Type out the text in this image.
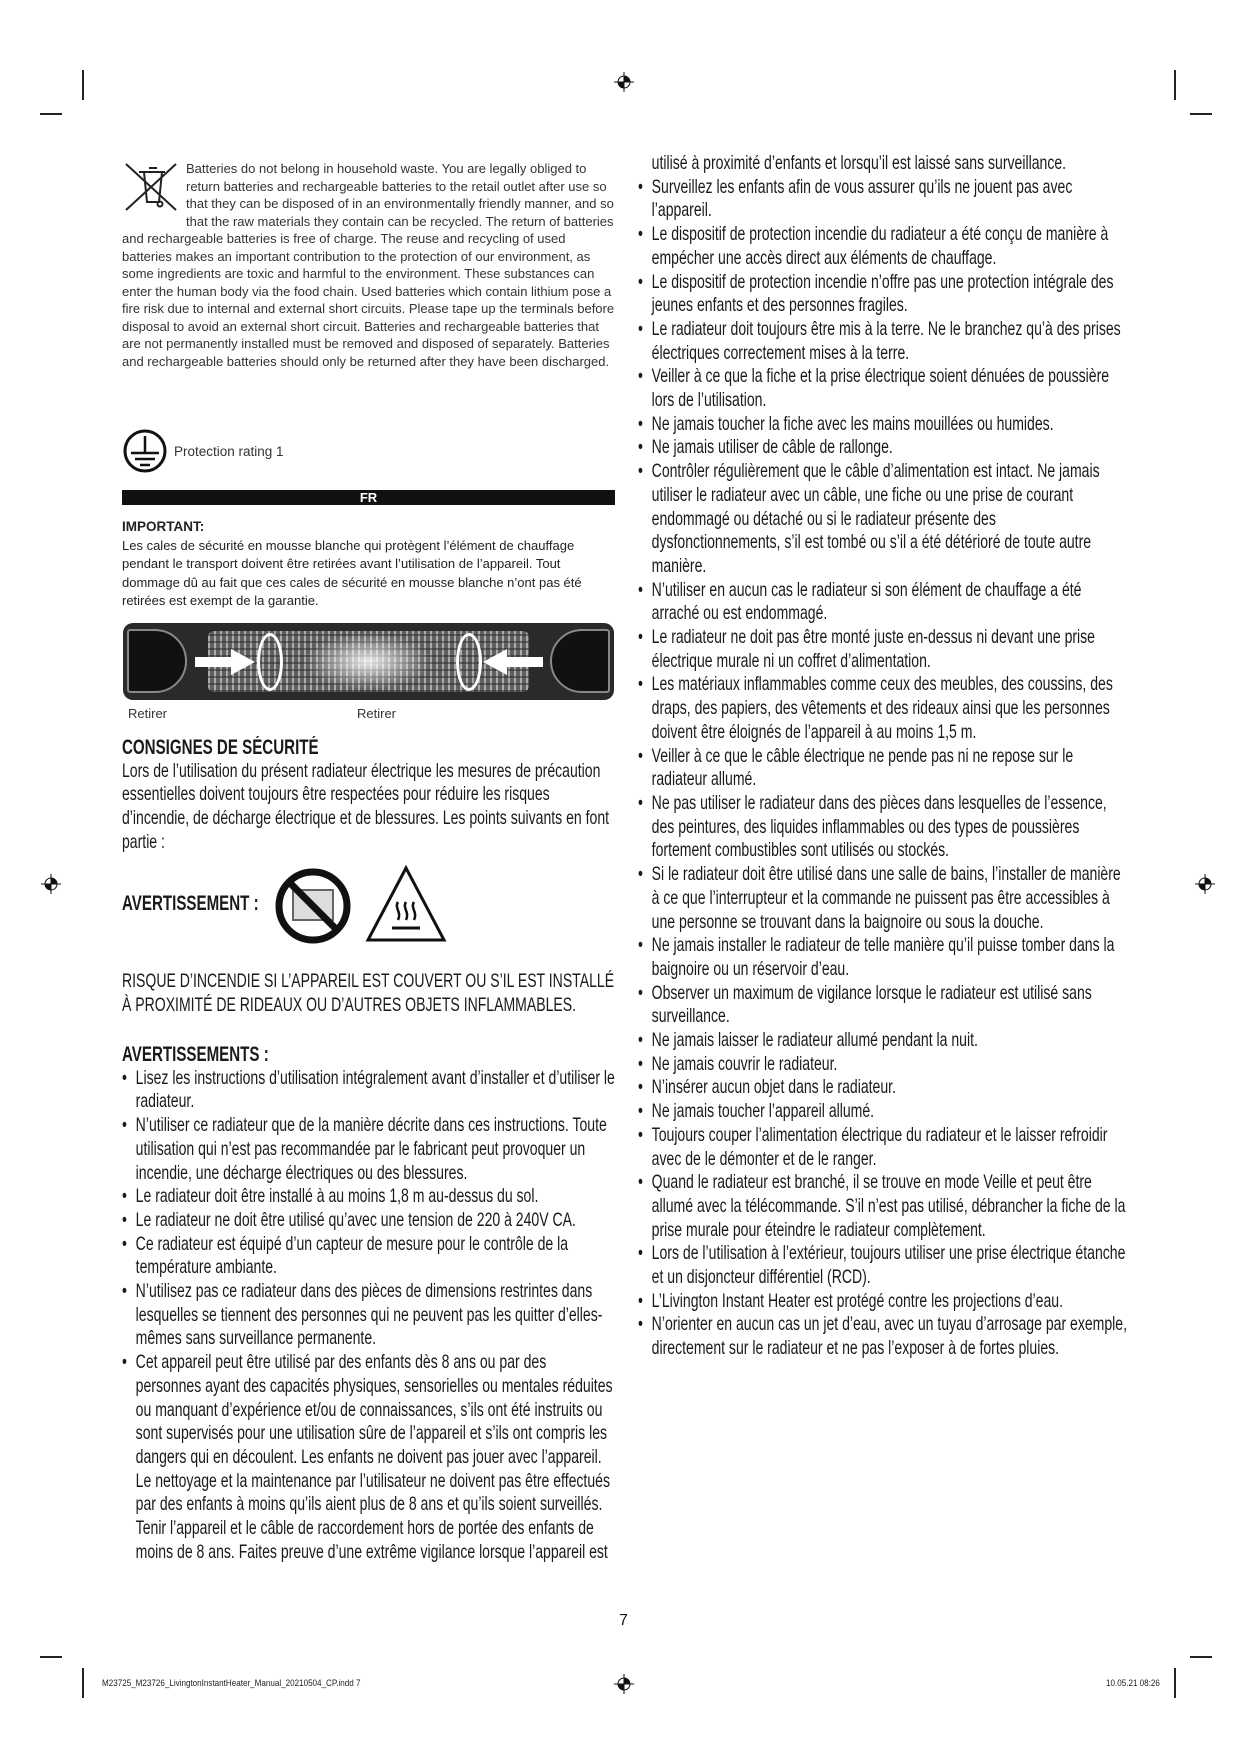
Batteries do not belong in household waste. You are legally obliged to return batteries and rechargeable batteries to the retail outlet after use so that they can be disposed of in an environmentally friendly manner, and so that the raw materials they contain can be recycled. The return of batteries and rechargeable batteries is free of charge. The reuse and recycling of used batteries makes an important contribution to the protection of our environment, as some ingredients are toxic and harmful to the environment. These substances can enter the human body via the food chain. Used batteries which contain lithium pose a fire risk due to internal and external short circuits. Please tape up the terminals before disposal to avoid an external short circuit. Batteries and rechargeable batteries that are not permanently installed must be removed and disposed of separately. Batteries and rechargeable batteries should only be returned after they have been discharged.
Protection rating 1
FR
IMPORTANT:
Les cales de sécurité en mousse blanche qui protègent l’élément de chauffage pendant le transport doivent être retirées avant l’utilisation de l’appareil. Tout dommage dû au fait que ces cales de sécurité en mousse blanche n’ont pas été retirées est exempt de la garantie.
Retirer	Retirer
CONSIGNES DE SÉCURITÉ
Lors de l’utilisation du présent radiateur électrique les mesures de précaution essentielles doivent toujours être respectées pour réduire les risques d’incendie, de décharge électrique et de blessures. Les points suivants en font partie :
AVERTISSEMENT :
RISQUE D’INCENDIE SI L’APPAREIL EST COUVERT OU S’IL EST INSTALLÉ À PROXIMITÉ DE RIDEAUX OU D’AUTRES OBJETS INFLAMMABLES.
AVERTISSEMENTS :
• Lisez les instructions d’utilisation intégralement avant d’installer et d’utiliser le radiateur.
• N’utiliser ce radiateur que de la manière décrite dans ces instructions. Toute utilisation qui n’est pas recommandée par le fabricant peut provoquer un incendie, une décharge électriques ou des blessures.
• Le radiateur doit être installé à au moins 1,8 m au-dessus du sol.
• Le radiateur ne doit être utilisé qu’avec une tension de 220 à 240V CA.
• Ce radiateur est équipé d’un capteur de mesure pour le contrôle de la température ambiante.
• N’utilisez pas ce radiateur dans des pièces de dimensions restrintes dans lesquelles se tiennent des personnes qui ne peuvent pas les quitter d’elles-mêmes sans surveillance permanente.
• Cet appareil peut être utilisé par des enfants dès 8 ans ou par des personnes ayant des capacités physiques, sensorielles ou mentales réduites ou manquant d’expérience et/ou de connaissances, s’ils ont été instruits ou sont supervisés pour une utilisation sûre de l’appareil et s’ils ont compris les dangers qui en découlent. Les enfants ne doivent pas jouer avec l’appareil. Le nettoyage et la maintenance par l’utilisateur ne doivent pas être effectués par des enfants à moins qu’ils aient plus de 8 ans et qu’ils soient surveillés. Tenir l’appareil et le câble de raccordement hors de portée des enfants de moins de 8 ans. Faites preuve d’une extrême vigilance lorsque l’appareil est
utilisé à proximité d’enfants et lorsqu’il est laissé sans surveillance.
• Surveillez les enfants afin de vous assurer qu’ils ne jouent pas avec l’appareil.
• Le dispositif de protection incendie du radiateur a été conçu de manière à empécher une accès direct aux éléments de chauffage.
• Le dispositif de protection incendie n’offre pas une protection intégrale des jeunes enfants et des personnes fragiles.
• Le radiateur doit toujours être mis à la terre. Ne le branchez qu’à des prises électriques correctement mises à la terre.
• Veiller à ce que la fiche et la prise électrique soient dénuées de poussière lors de l’utilisation.
• Ne jamais toucher la fiche avec les mains mouillées ou humides.
• Ne jamais utiliser de câble de rallonge.
• Contrôler régulièrement que le câble d’alimentation est intact. Ne jamais utiliser le radiateur avec un câble, une fiche ou une prise de courant endommagé ou détaché ou si le radiateur présente des dysfonctionnements, s’il est tombé ou s’il a été détérioré de toute autre manière.
• N’utiliser en aucun cas le radiateur si son élément de chauffage a été arraché ou est endommagé.
• Le radiateur ne doit pas être monté juste en-dessus ni devant une prise électrique murale ni un coffret d’alimentation.
• Les matériaux inflammables comme ceux des meubles, des coussins, des draps, des papiers, des vêtements et des rideaux ainsi que les personnes doivent être éloignés de l’appareil à au moins 1,5 m.
• Veiller à ce que le câble électrique ne pende pas ni ne repose sur le radiateur allumé.
• Ne pas utiliser le radiateur dans des pièces dans lesquelles de l’essence, des peintures, des liquides inflammables ou des types de poussières fortement combustibles sont utilisés ou stockés.
• Si le radiateur doit être utilisé dans une salle de bains, l’installer de manière à ce que l’interrupteur et la commande ne puissent pas être accessibles à une personne se trouvant dans la baignoire ou sous la douche.
• Ne jamais installer le radiateur de telle manière qu’il puisse tomber dans la baignoire ou un réservoir d’eau.
• Observer un maximum de vigilance lorsque le radiateur est utilisé sans surveillance.
• Ne jamais laisser le radiateur allumé pendant la nuit.
• Ne jamais couvrir le radiateur.
• N’insérer aucun objet dans le radiateur.
• Ne jamais toucher l’appareil allumé.
• Toujours couper l’alimentation électrique du radiateur et le laisser refroidir avec de le démonter et de le ranger.
• Quand le radiateur est branché, il se trouve en mode Veille et peut être allumé avec la télécommande. S’il n’est pas utilisé, débrancher la fiche de la prise murale pour éteindre le radiateur complètement.
• Lors de l’utilisation à l’extérieur, toujours utiliser une prise électrique étanche et un disjoncteur différentiel (RCD).
• L’Livington Instant Heater est protégé contre les projections d’eau.
• N’orienter en aucun cas un jet d’eau, avec un tuyau d’arrosage par exemple, directement sur le radiateur et ne pas l’exposer à de fortes pluies.
7
M23725_M23726_LivingtonInstantHeater_Manual_20210504_CP.indd 7	10.05.21 08:26
